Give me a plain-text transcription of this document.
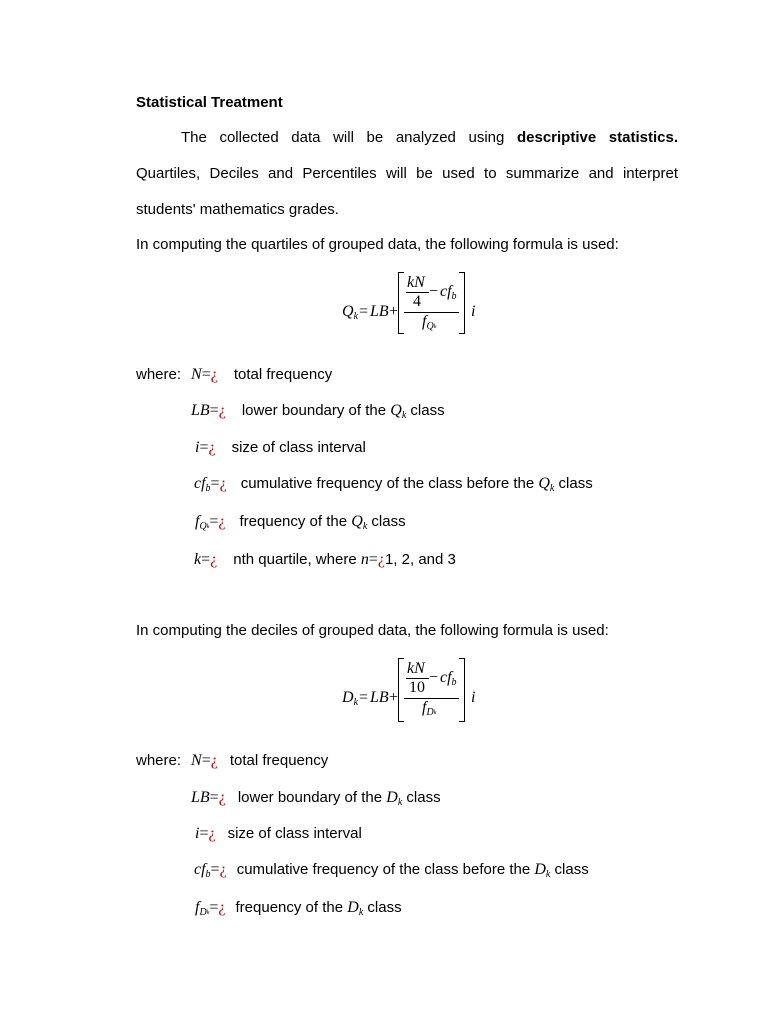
Statistical Treatment
The collected data will be analyzed using descriptive statistics.
Quartiles, Deciles and Percentiles will be used to summarize and interpret students' mathematics grades.
In computing the quartiles of grouped data, the following formula is used:
Qk = LB +
kN
4
− cfb
fQk
i
where: N=¿ total frequency
LB=¿ lower boundary of the $Q_k$ class
i=¿ size of class interval
$cf_b=¿$ cumulative frequency of the class before the $Q_k$ class
$f_Qk=¿$ frequency of the $Q_k$ class
k=¿ nth quartile, where n=¿1, 2, and 3
In computing the deciles of grouped data, the following formula is used:
Dk = LB +
kN
10
− cfb
fDk
i
where: N=¿ total frequency
LB=¿ lower boundary of the $D_k$ class
i=¿ size of class interval
$cf_b=¿$ cumulative frequency of the class before the $D_k$ class
$f_Dk=¿$ frequency of the $D_k$ class
